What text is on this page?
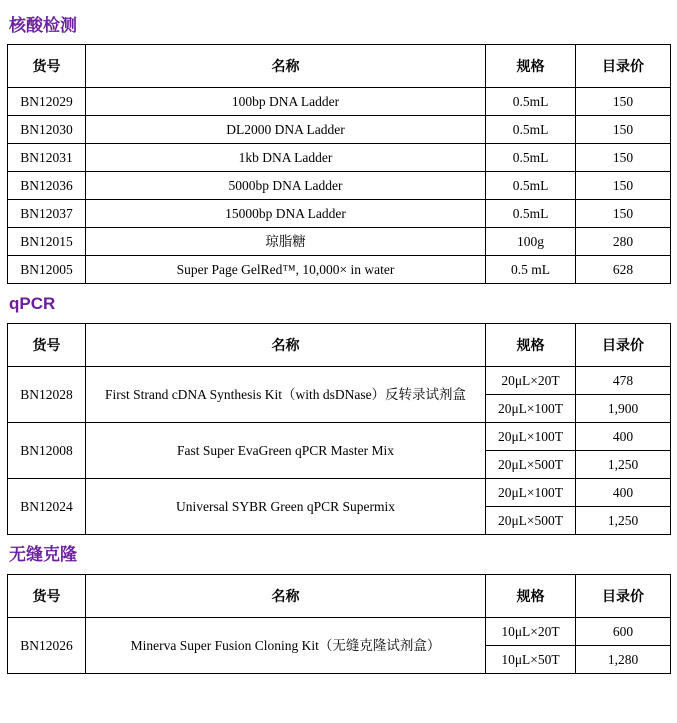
核酸检测
货号	名称	规格	目录价
BN12029	100bp DNA Ladder	0.5mL	150
BN12030	DL2000 DNA Ladder	0.5mL	150
BN12031	1kb DNA Ladder	0.5mL	150
BN12036	5000bp DNA Ladder	0.5mL	150
BN12037	15000bp DNA Ladder	0.5mL	150
BN12015	琼脂糖	100g	280
BN12005	Super Page GelRed™, 10,000× in water	0.5 mL	628
qPCR
货号	名称	规格	目录价
BN12028	First Strand cDNA Synthesis Kit（with dsDNase）反转录试剂盒	20μL×20T	478
		20μL×100T	1,900
BN12008	Fast Super EvaGreen qPCR Master Mix	20μL×100T	400
		20μL×500T	1,250
BN12024	Universal SYBR Green qPCR Supermix	20μL×100T	400
		20μL×500T	1,250
无缝克隆
货号	名称	规格	目录价
BN12026	Minerva Super Fusion Cloning Kit（无缝克隆试剂盒）	10μL×20T	600
		10μL×50T	1,280
